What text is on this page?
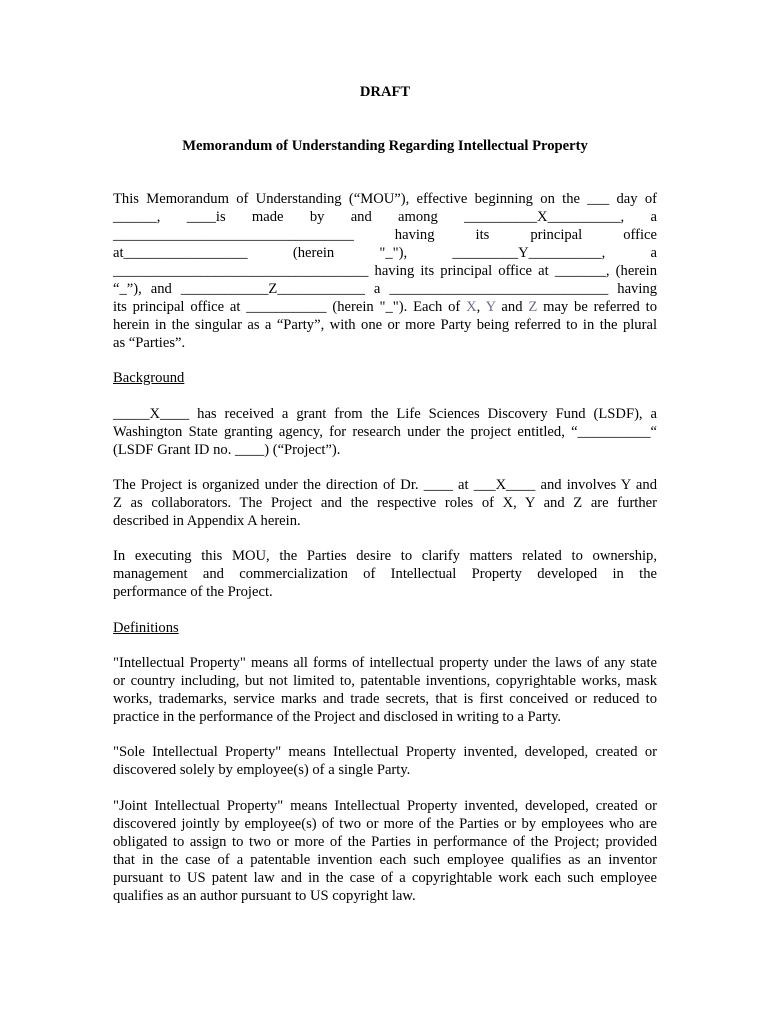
DRAFT
Memorandum of Understanding Regarding Intellectual Property
This Memorandum of Understanding (“MOU”), effective beginning on the ___ day of
______, ____is made by and among __________X__________, a
_________________________________	having	its	principal	office
at_________________	(herein	"_"),	_________Y__________,	a
___________________________________ having its principal office at _______, (herein
“_”), and ____________Z____________ a ______________________________ having
its principal office at ___________ (herein "_"). Each of X, Y and Z may be referred to
herein in the singular as a “Party”, with one or more Party being referred to in the plural
as “Parties”.
Background
_____X____ has received a grant from the Life Sciences Discovery Fund (LSDF), a
Washington State granting agency, for research under the project entitled, “__________“
(LSDF Grant ID no. ____) (“Project”).
The Project is organized under the direction of Dr. ____ at ___X____ and involves Y and
Z as collaborators. The Project and the respective roles of X, Y and Z are further
described in Appendix A herein.
In executing this MOU, the Parties desire to clarify matters related to ownership,
management and commercialization of Intellectual Property developed in the
performance of the Project.
Definitions
"Intellectual Property" means all forms of intellectual property under the laws of any state
or country including, but not limited to, patentable inventions, copyrightable works, mask
works, trademarks, service marks and trade secrets, that is first conceived or reduced to
practice in the performance of the Project and disclosed in writing to a Party.
"Sole Intellectual Property" means Intellectual Property invented, developed, created or
discovered solely by employee(s) of a single Party.
"Joint Intellectual Property" means Intellectual Property invented, developed, created or
discovered jointly by employee(s) of two or more of the Parties or by employees who are
obligated to assign to two or more of the Parties in performance of the Project; provided
that in the case of a patentable invention each such employee qualifies as an inventor
pursuant to US patent law and in the case of a copyrightable work each such employee
qualifies as an author pursuant to US copyright law.
